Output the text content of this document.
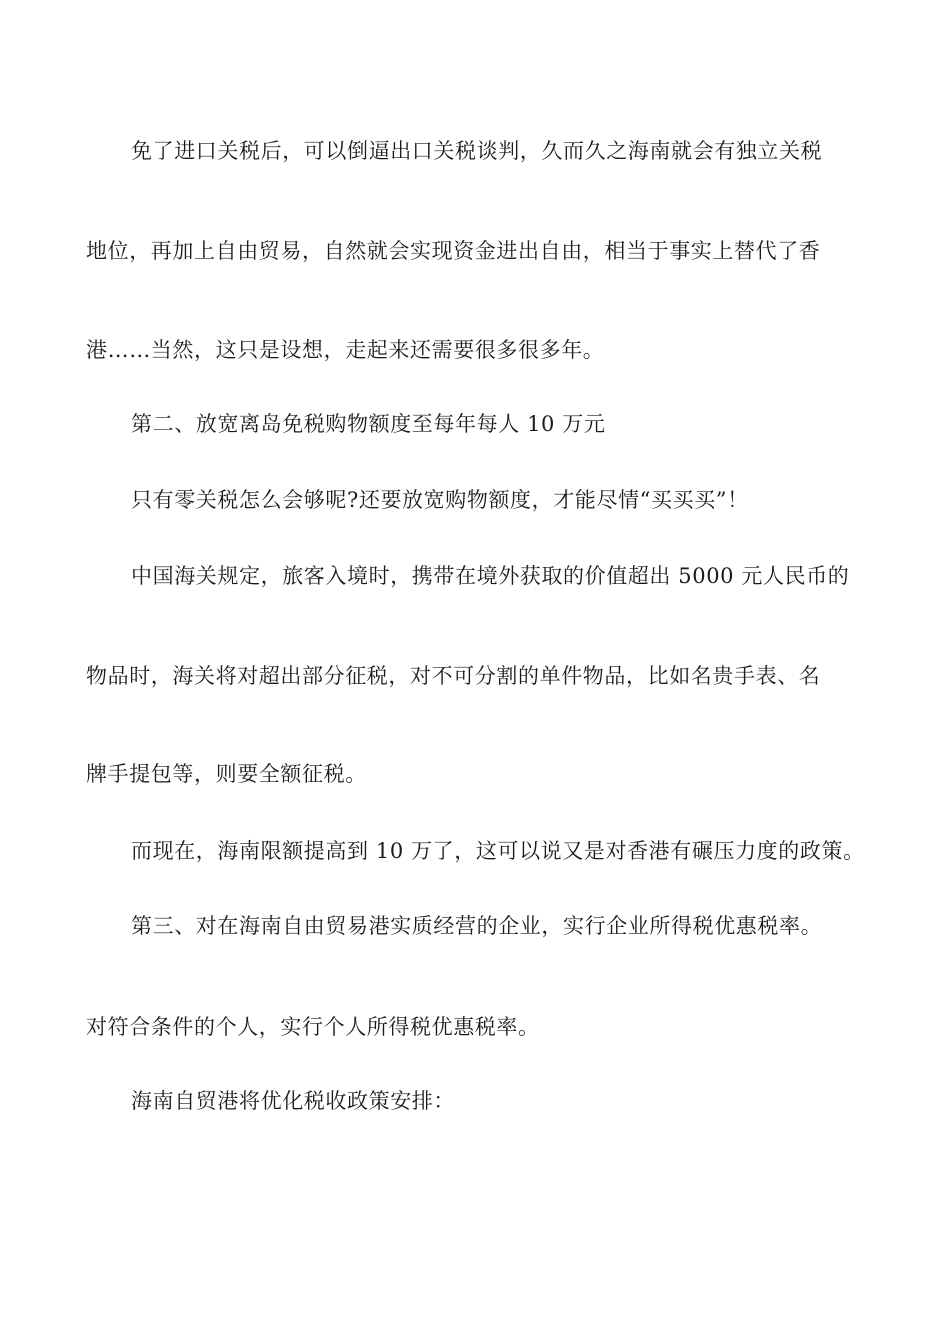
免了进口关税后，可以倒逼出口关税谈判，久而久之海南就会有独立关税
地位，再加上自由贸易，自然就会实现资金进出自由，相当于事实上替代了香
港……当然，这只是设想，走起来还需要很多很多年。
第二、放宽离岛免税购物额度至每年每人 10 万元
只有零关税怎么会够呢?还要放宽购物额度，才能尽情“买买买”！
中国海关规定，旅客入境时，携带在境外获取的价值超出 5000 元人民币的
物品时，海关将对超出部分征税，对不可分割的单件物品，比如名贵手表、名
牌手提包等，则要全额征税。
而现在，海南限额提高到 10 万了，这可以说又是对香港有碾压力度的政策。
第三、对在海南自由贸易港实质经营的企业，实行企业所得税优惠税率。
对符合条件的个人，实行个人所得税优惠税率。
海南自贸港将优化税收政策安排：
